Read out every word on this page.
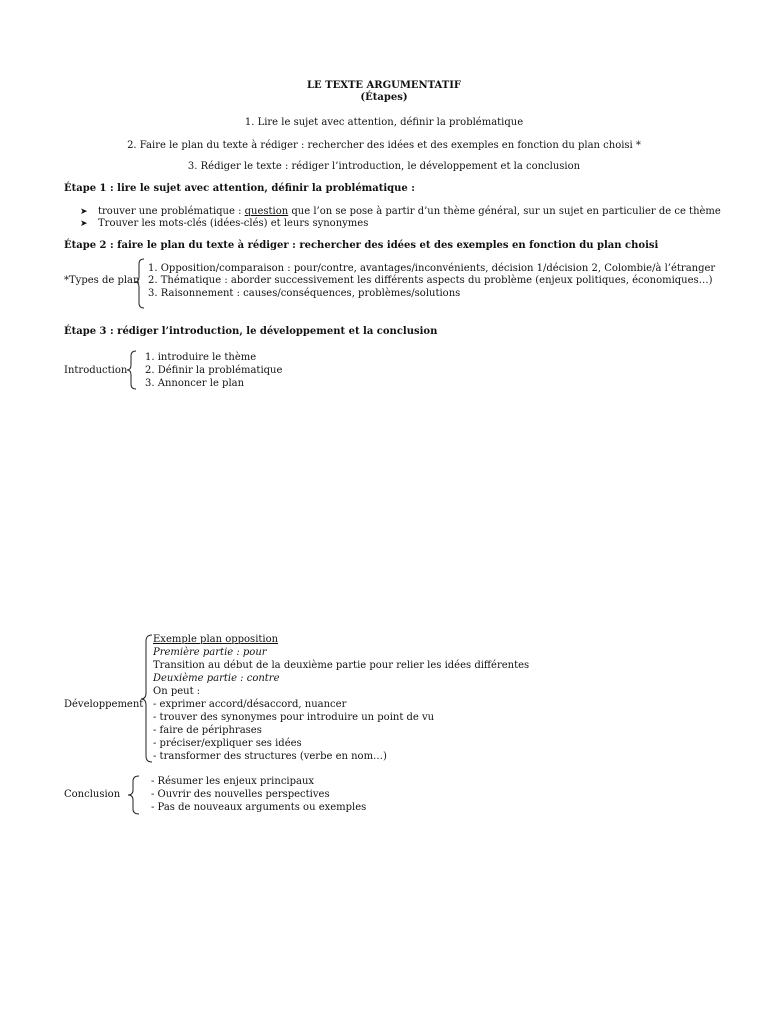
LE TEXTE ARGUMENTATIF
(Étapes)
1. Lire le sujet avec attention, définir la problématique
2. Faire le plan du texte à rédiger : rechercher des idées et des exemples en fonction du plan choisi *
3. Rédiger le texte : rédiger l’introduction, le développement et la conclusion
Étape 1 : lire le sujet avec attention, définir la problématique :
➤ trouver une problématique : question que l’on se pose à partir d’un thème général, sur un sujet en particulier de ce thème
➤ Trouver les mots-clés (idées-clés) et leurs synonymes
Étape 2 : faire le plan du texte à rédiger : rechercher des idées et des exemples en fonction du plan choisi
*Types de plan
1. Opposition/comparaison : pour/contre, avantages/inconvénients, décision 1/décision 2, Colombie/à l’étranger
2. Thématique : aborder successivement les différents aspects du problème (enjeux politiques, économiques…)
3. Raisonnement : causes/conséquences, problèmes/solutions
Étape 3 : rédiger l’introduction, le développement et la conclusion
Introduction
1. introduire le thème
2. Définir la problématique
3. Annoncer le plan
Développement
Exemple plan opposition
Première partie : pour
Transition au début de la deuxième partie pour relier les idées différentes
Deuxième partie : contre
On peut :
- exprimer accord/désaccord, nuancer
- trouver des synonymes pour introduire un point de vu
- faire de périphrases
- préciser/expliquer ses idées
- transformer des structures (verbe en nom…)
Conclusion
- Résumer les enjeux principaux
- Ouvrir des nouvelles perspectives
- Pas de nouveaux arguments ou exemples
